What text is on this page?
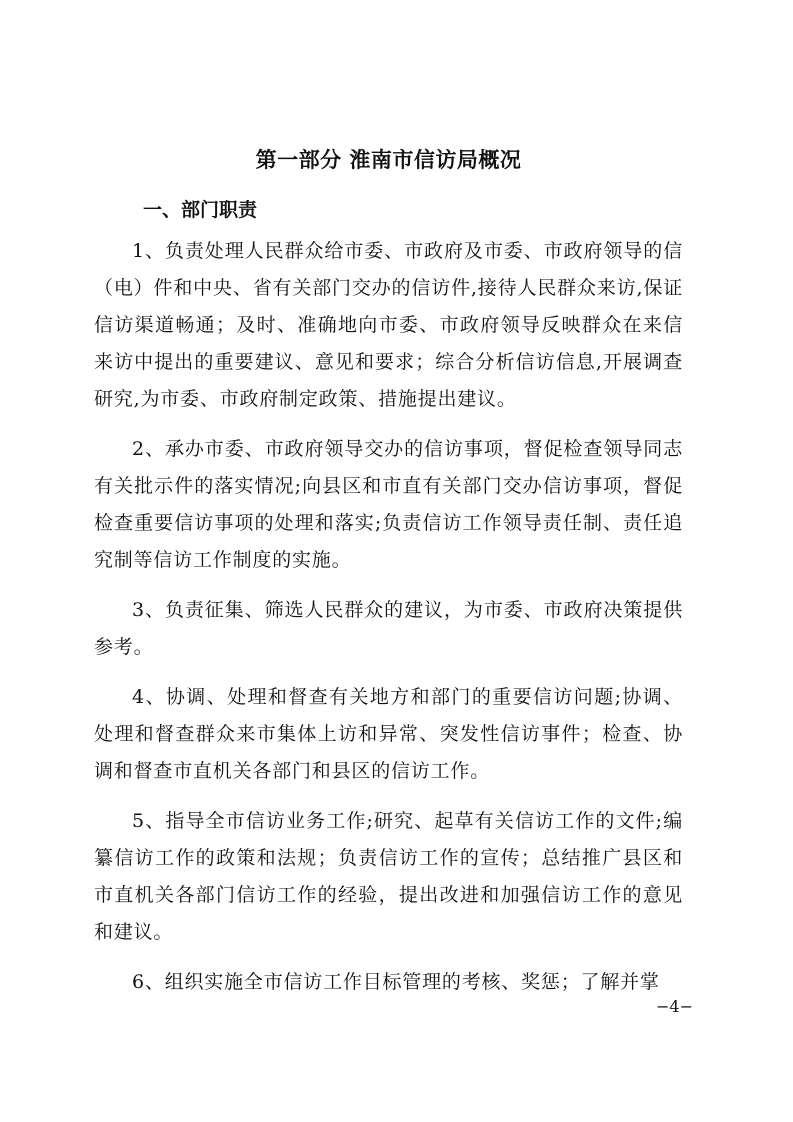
第一部分 淮南市信访局概况
一、部门职责

1、负责处理人民群众给市委、市政府及市委、市政府领导的信（电）件和中央、省有关部门交办的信访件,接待人民群众来访,保证信访渠道畅通；及时、准确地向市委、市政府领导反映群众在来信来访中提出的重要建议、意见和要求；综合分析信访信息,开展调查研究,为市委、市政府制定政策、措施提出建议。

2、承办市委、市政府领导交办的信访事项，督促检查领导同志有关批示件的落实情况;向县区和市直有关部门交办信访事项，督促检查重要信访事项的处理和落实;负责信访工作领导责任制、责任追究制等信访工作制度的实施。

3、负责征集、筛选人民群众的建议，为市委、市政府决策提供参考。

4、协调、处理和督查有关地方和部门的重要信访问题;协调、处理和督查群众来市集体上访和异常、突发性信访事件；检查、协调和督查市直机关各部门和县区的信访工作。

5、指导全市信访业务工作;研究、起草有关信访工作的文件;编纂信访工作的政策和法规；负责信访工作的宣传；总结推广县区和市直机关各部门信访工作的经验，提出改进和加强信访工作的意见和建议。

6、组织实施全市信访工作目标管理的考核、奖惩；了解并掌

−4−
